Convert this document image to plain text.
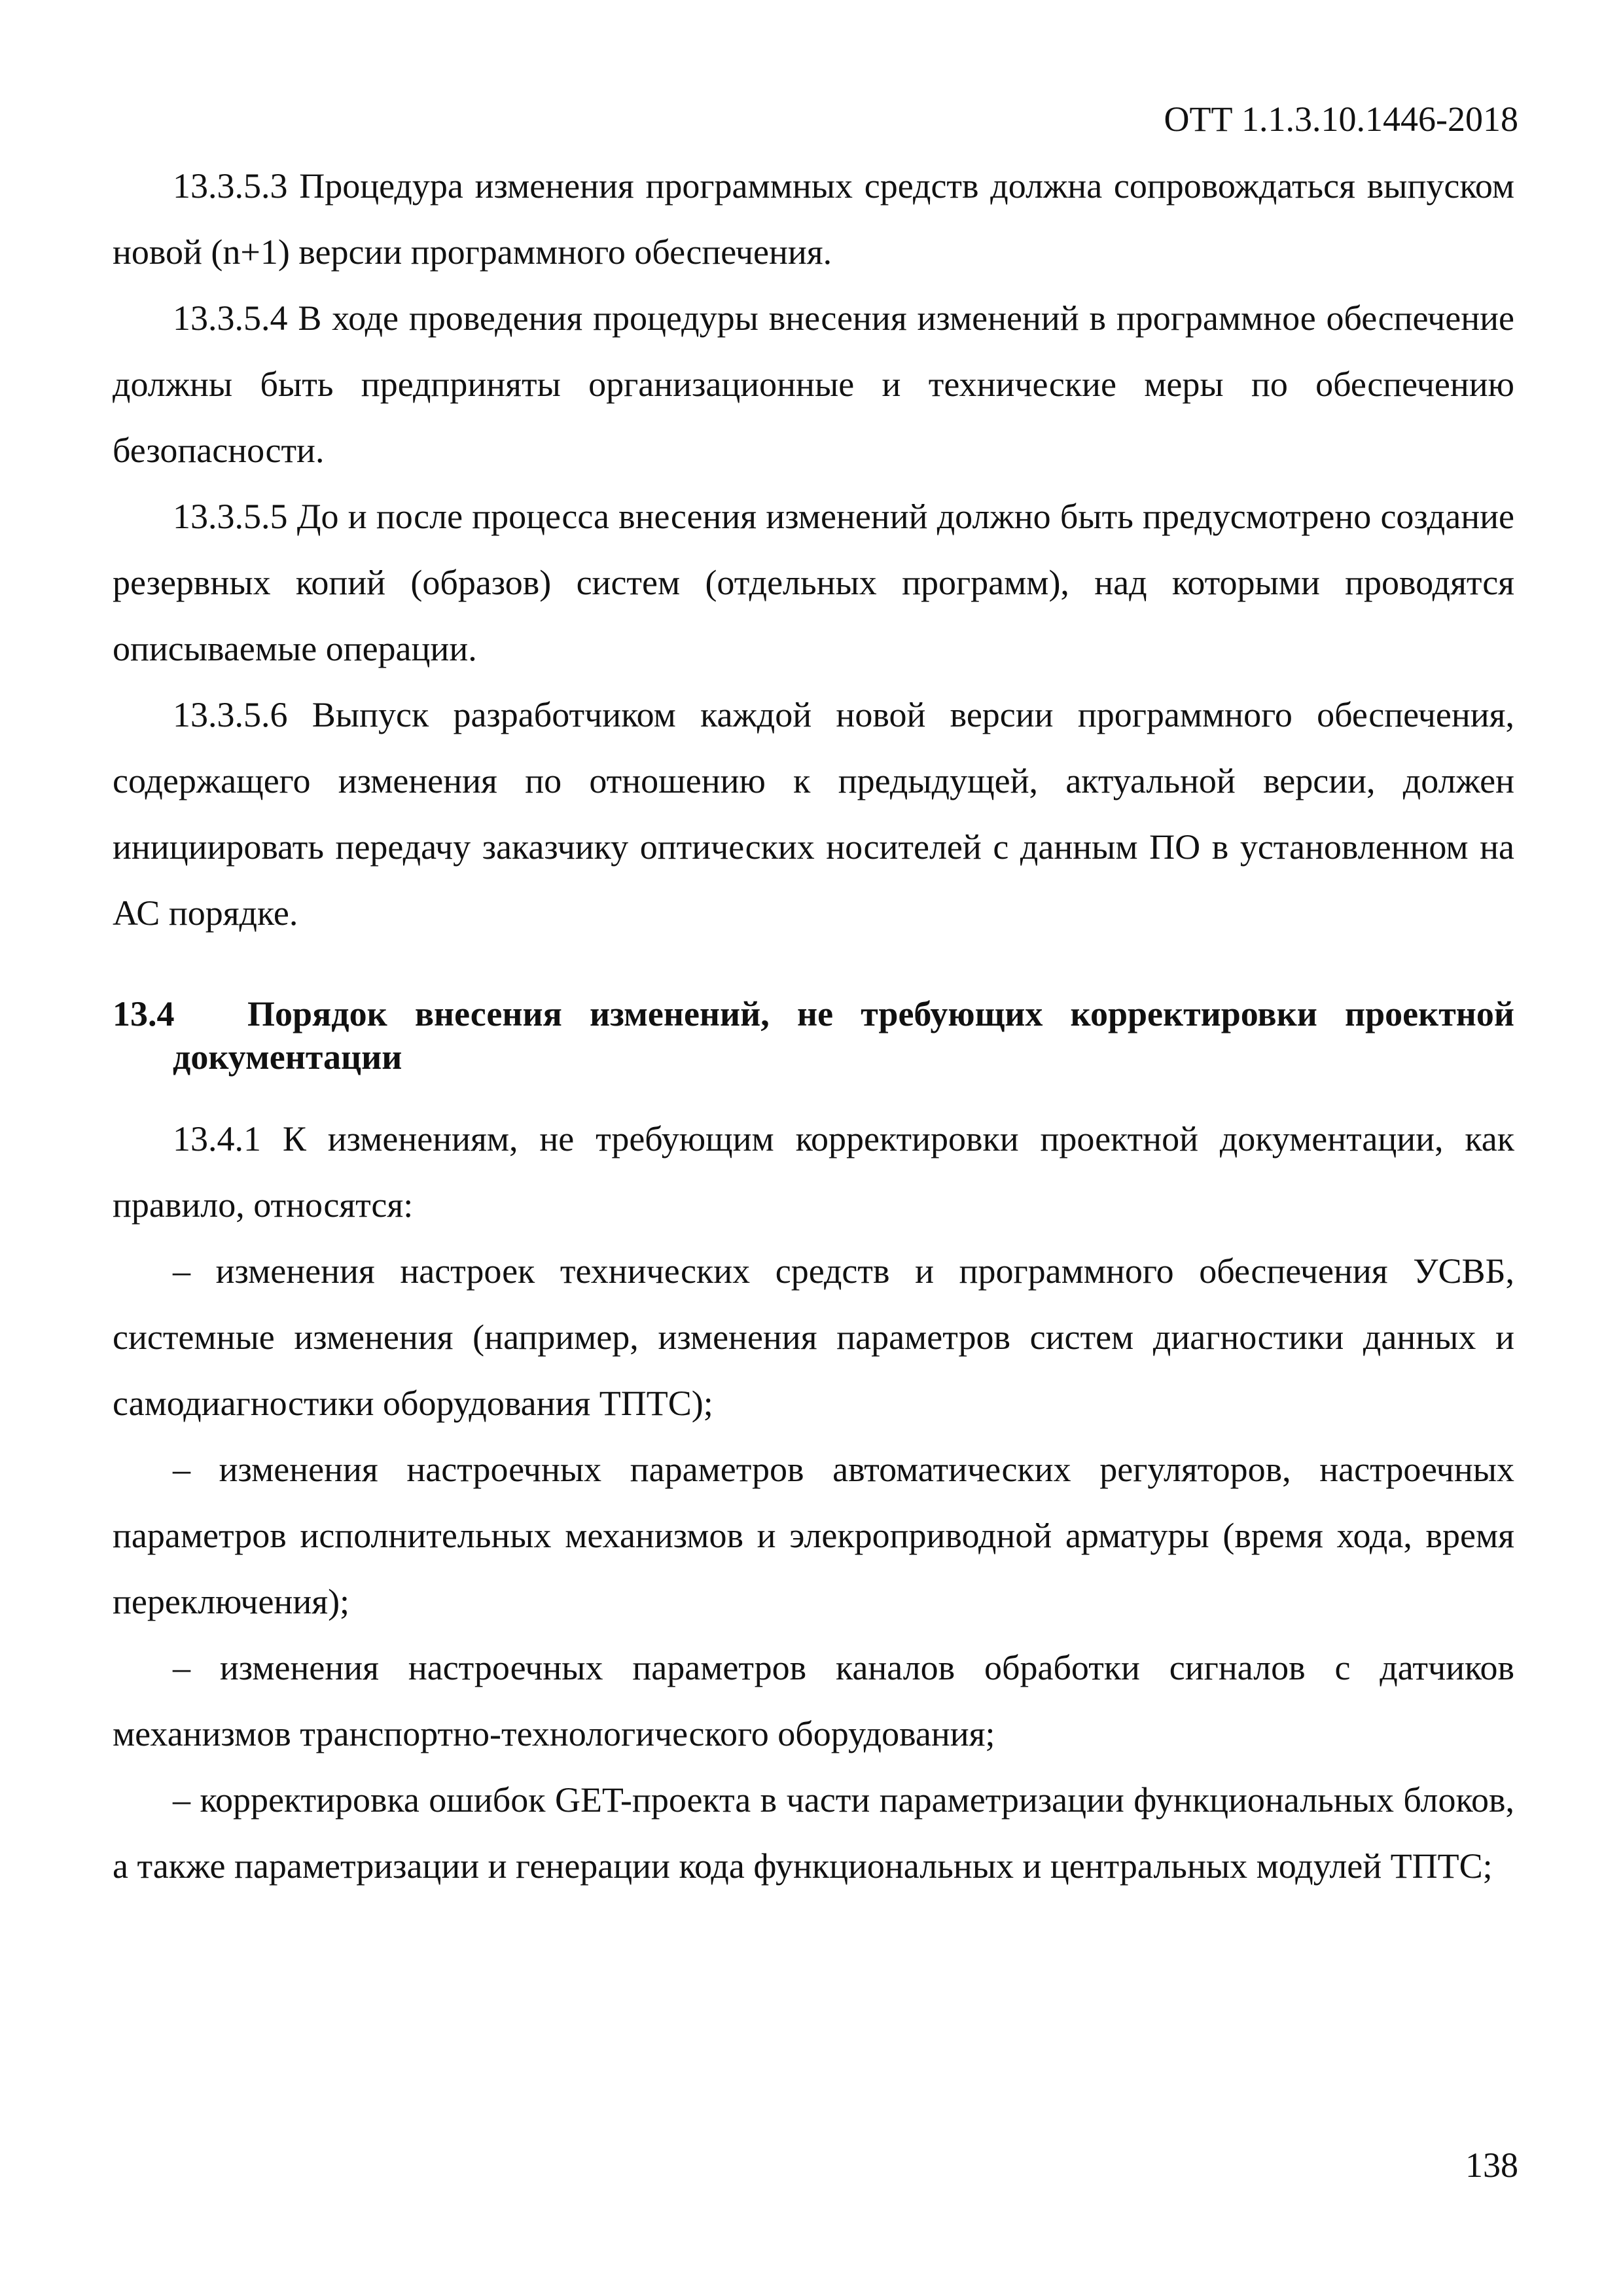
ОТТ 1.1.3.10.1446-2018

13.3.5.3 Процедура изменения программных средств должна сопровождаться выпуском новой (n+1) версии программного обеспечения.

13.3.5.4 В ходе проведения процедуры внесения изменений в программное обеспечение должны быть предприняты организационные и технические меры по обеспечению безопасности.

13.3.5.5 До и после процесса внесения изменений должно быть предусмотрено создание резервных копий (образов) систем (отдельных программ), над которыми проводятся описываемые операции.

13.3.5.6 Выпуск разработчиком каждой новой версии программного обеспечения, содержащего изменения по отношению к предыдущей, актуальной версии, должен инициировать передачу заказчику оптических носителей с данным ПО в установленном на АС порядке.

13.4 Порядок внесения изменений, не требующих корректировки проектной документации

13.4.1 К изменениям, не требующим корректировки проектной документации, как правило, относятся:

– изменения настроек технических средств и программного обеспечения УСВБ, системные изменения (например, изменения параметров систем диагностики данных и самодиагностики оборудования ТПТС);

– изменения настроечных параметров автоматических регуляторов, настроечных параметров исполнительных механизмов и элекроприводной арматуры (время хода, время переключения);

– изменения настроечных параметров каналов обработки сигналов с датчиков механизмов транспортно-технологического оборудования;

– корректировка ошибок GET-проекта в части параметризации функциональных блоков, а также параметризации и генерации кода функциональных и центральных модулей ТПТС;

138
